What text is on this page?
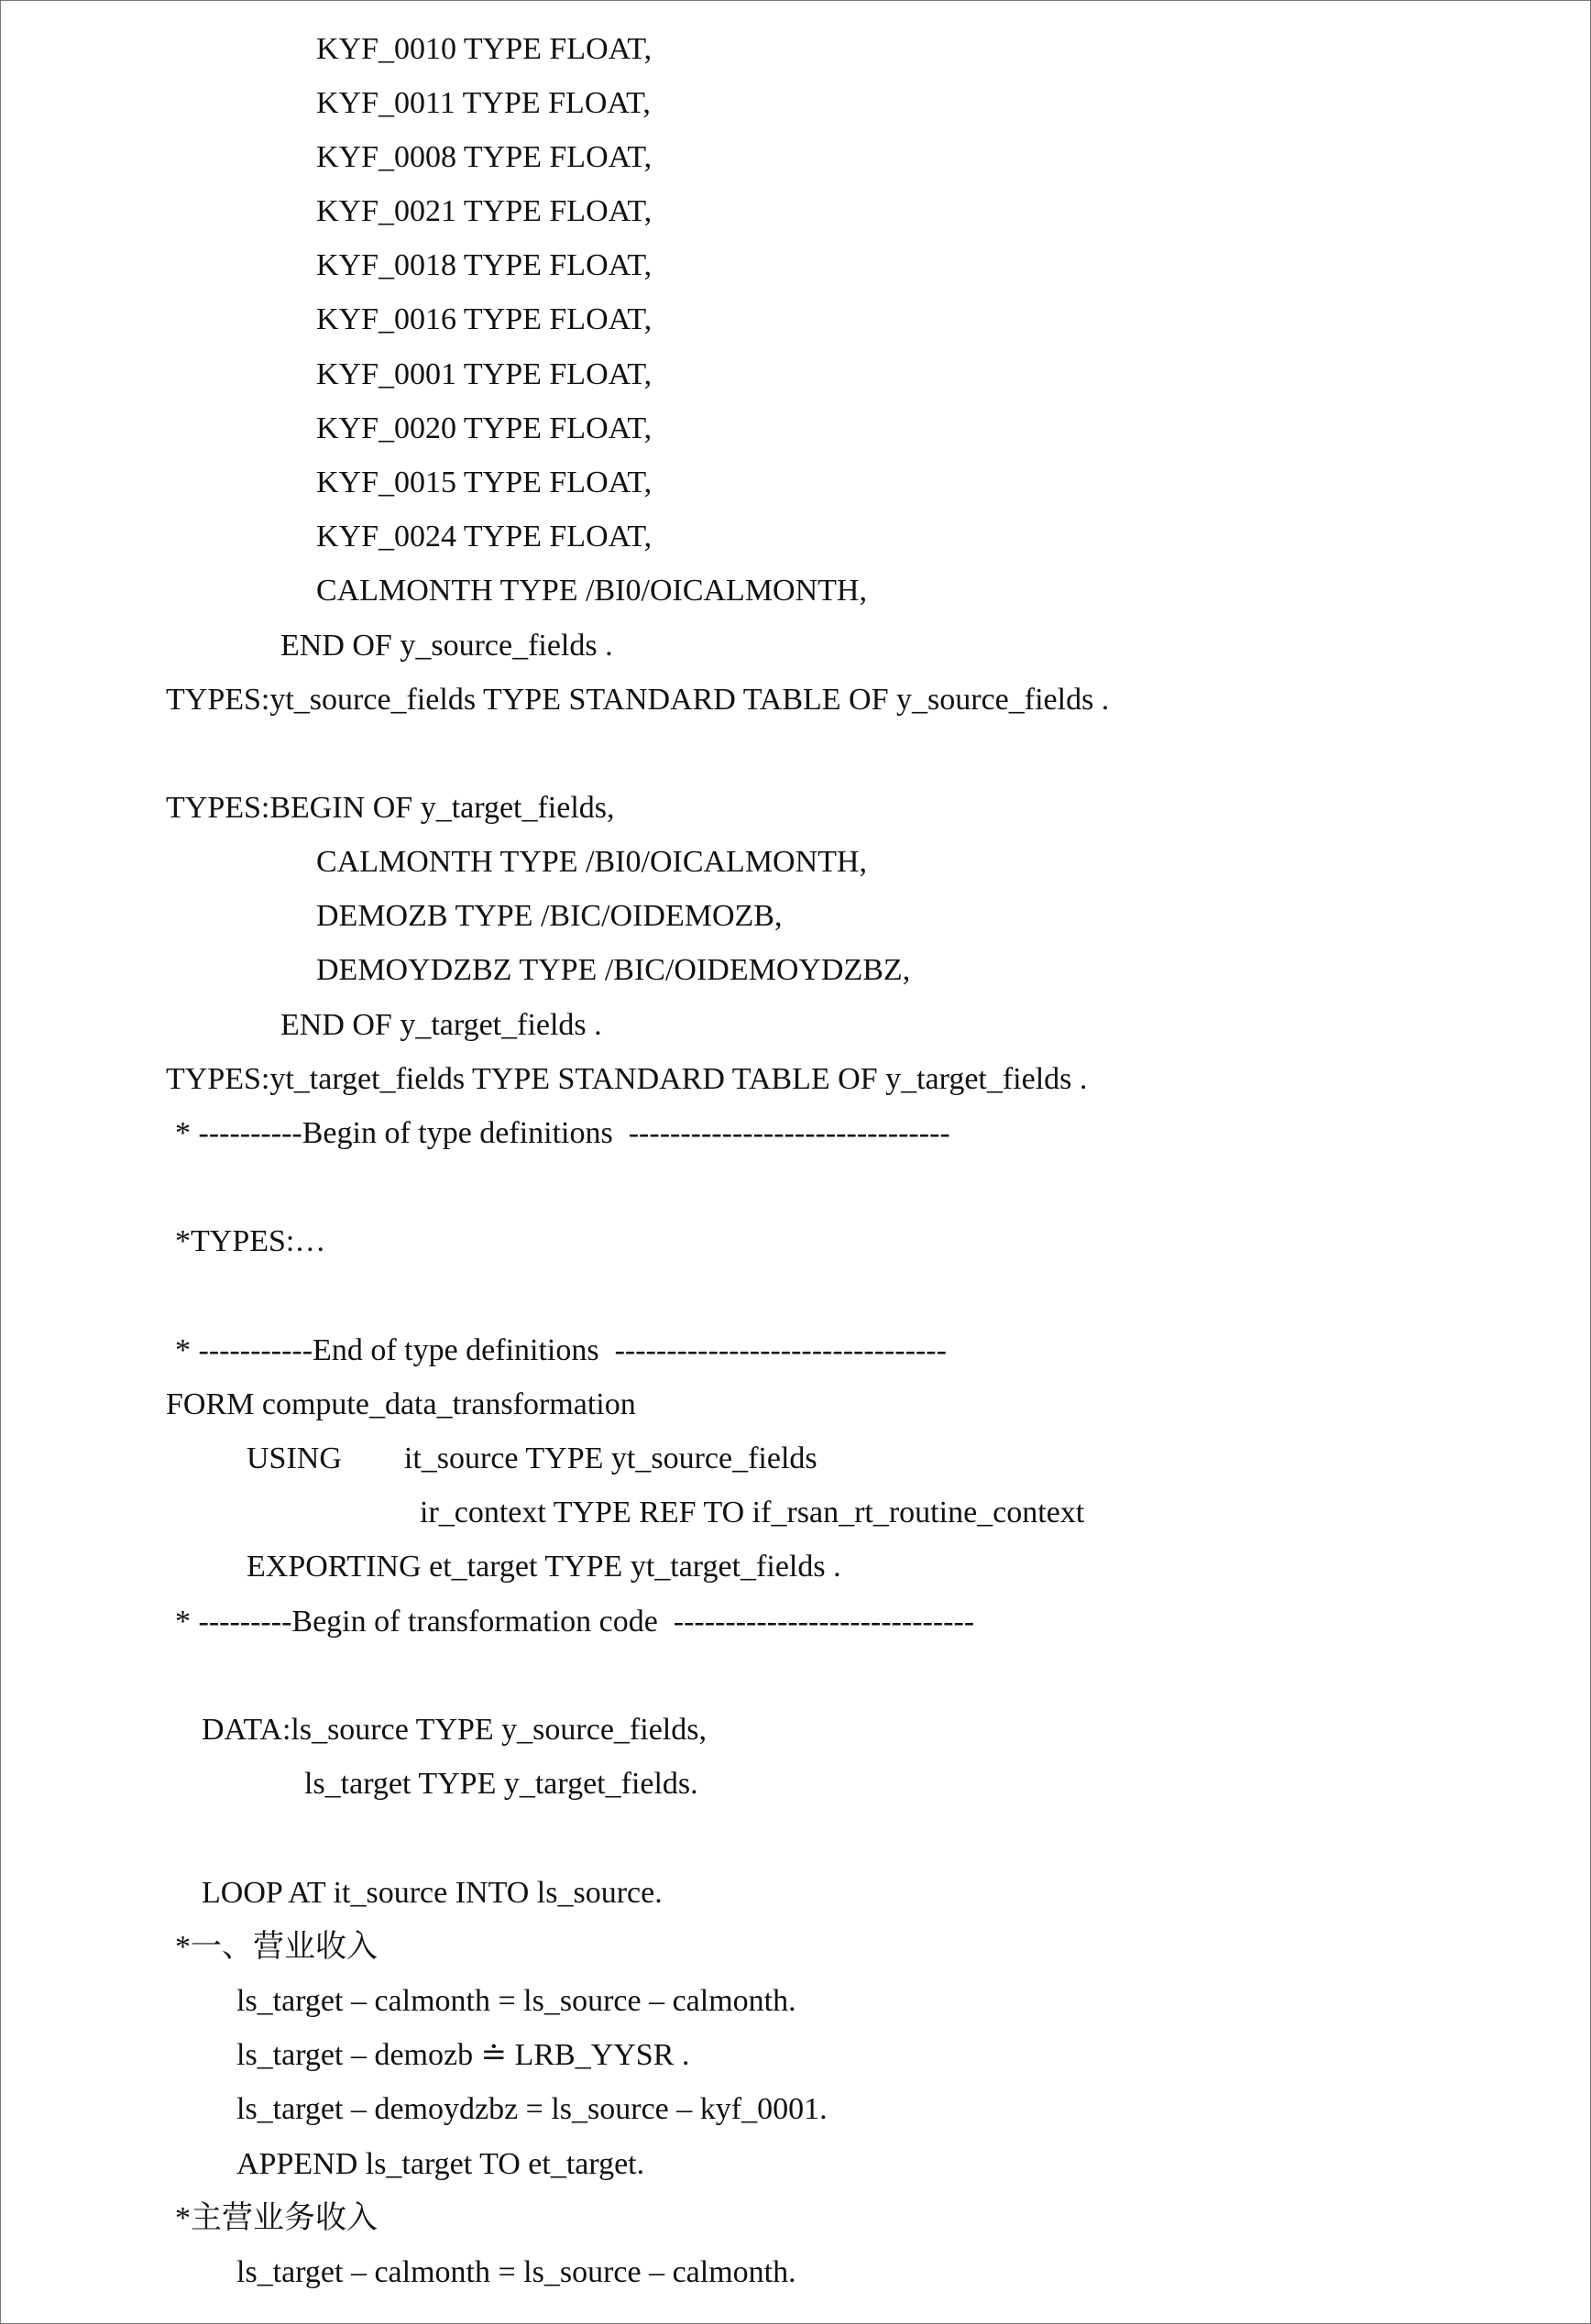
KYF_0010 TYPE FLOAT,
KYF_0011 TYPE FLOAT,
KYF_0008 TYPE FLOAT,
KYF_0021 TYPE FLOAT,
KYF_0018 TYPE FLOAT,
KYF_0016 TYPE FLOAT,
KYF_0001 TYPE FLOAT,
KYF_0020 TYPE FLOAT,
KYF_0015 TYPE FLOAT,
KYF_0024 TYPE FLOAT,
CALMONTH TYPE /BI0/OICALMONTH,
END OF y_source_fields .
TYPES:yt_source_fields TYPE STANDARD TABLE OF y_source_fields .
TYPES:BEGIN OF y_target_fields,
CALMONTH TYPE /BI0/OICALMONTH,
DEMOZB TYPE /BIC/OIDEMOZB,
DEMOYDZBZ TYPE /BIC/OIDEMOYDZBZ,
END OF y_target_fields .
TYPES:yt_target_fields TYPE STANDARD TABLE OF y_target_fields .
* ----------Begin of type definitions  -------------------------------
*TYPES:…
* -----------End of type definitions  --------------------------------
FORM compute_data_transformation
USING        it_source TYPE yt_source_fields
ir_context TYPE REF TO if_rsan_rt_routine_context
EXPORTING et_target TYPE yt_target_fields .
* ---------Begin of transformation code  -----------------------------
DATA:ls_source TYPE y_source_fields,
ls_target TYPE y_target_fields.
LOOP AT it_source INTO ls_source.
*一、营业收入
ls_target – calmonth = ls_source – calmonth.
ls_target – demozb ≐ LRB_YYSR .
ls_target – demoydzbz = ls_source – kyf_0001.
APPEND ls_target TO et_target.
*主营业务收入
ls_target – calmonth = ls_source – calmonth.
